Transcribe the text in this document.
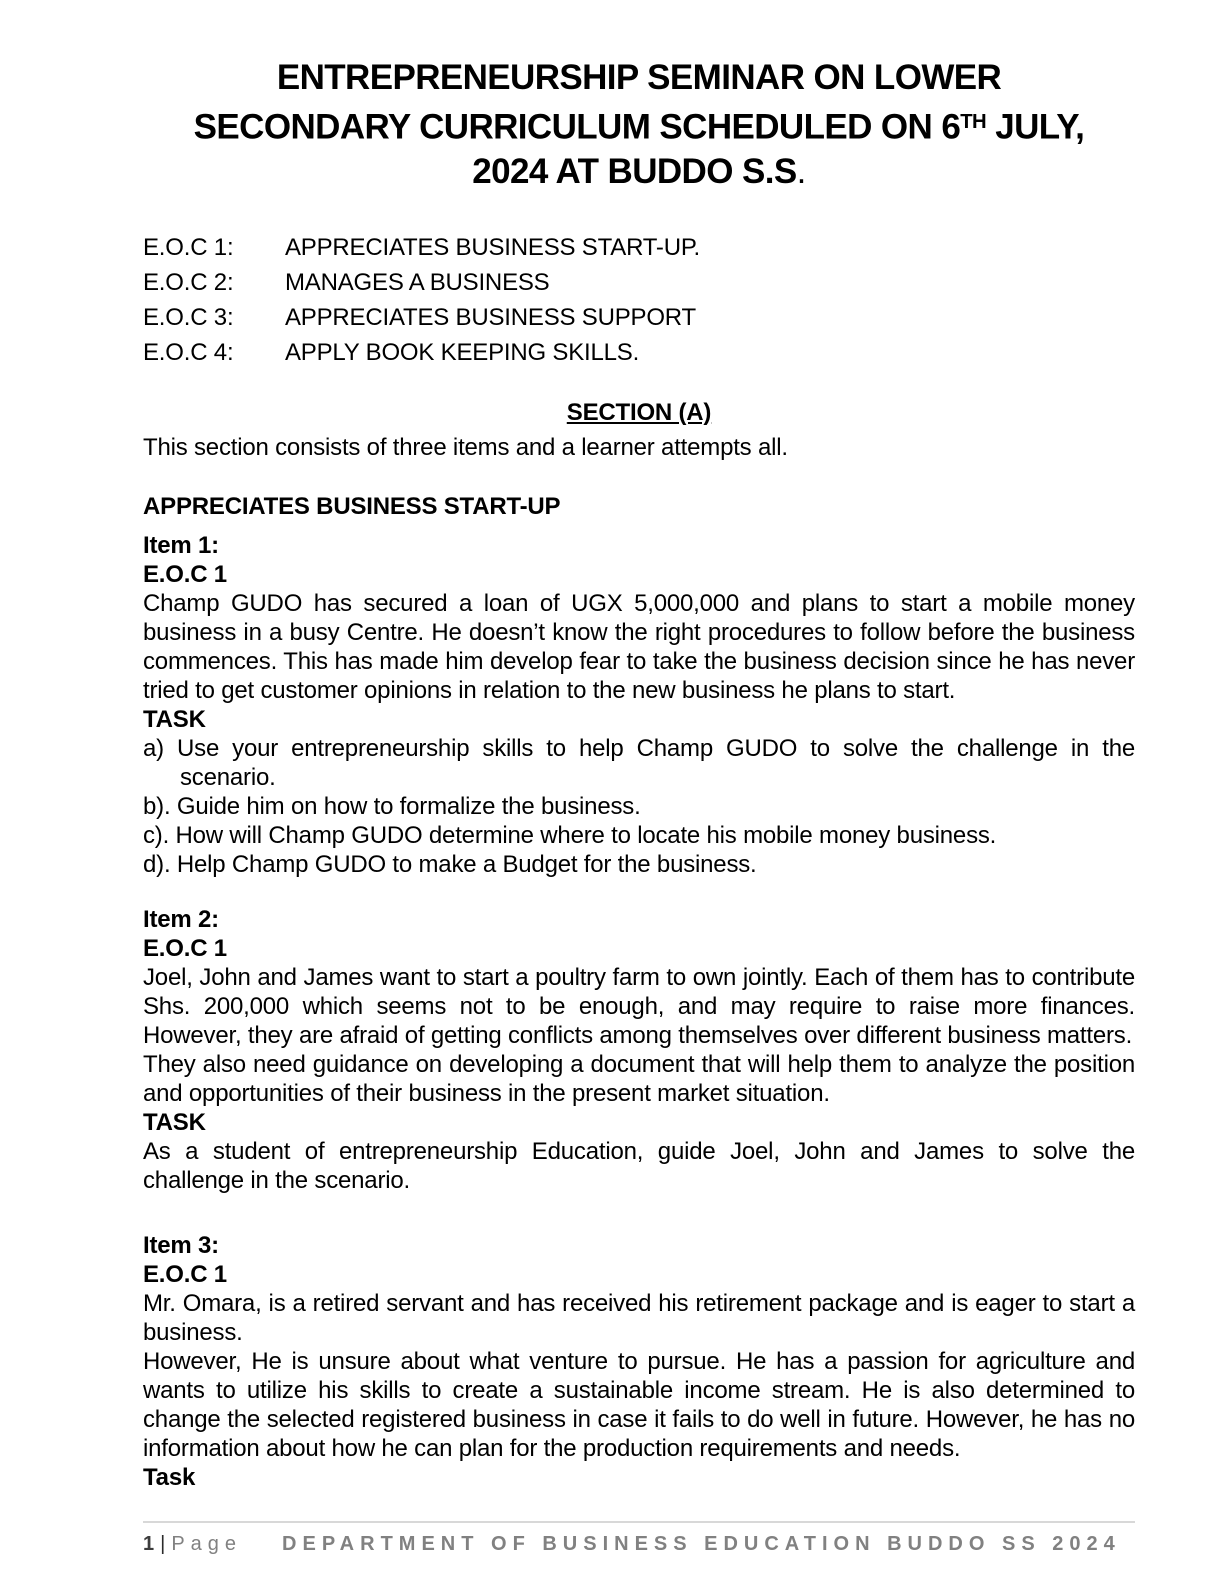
ENTREPRENEURSHIP SEMINAR ON LOWER
SECONDARY CURRICULUM SCHEDULED ON 6TH JULY,
2024 AT BUDDO S.S.
E.O.C 1:	APPRECIATES BUSINESS START-UP.
E.O.C 2:	MANAGES A BUSINESS
E.O.C 3:	APPRECIATES BUSINESS SUPPORT
E.O.C 4:	APPLY BOOK KEEPING SKILLS.
SECTION (A)
This section consists of three items and a learner attempts all.
APPRECIATES BUSINESS START-UP
Item 1:
E.O.C 1

Champ GUDO has secured a loan of UGX 5,000,000 and plans to start a mobile money business in a busy Centre. He doesn’t know the right procedures to follow before the business commences. This has made him develop fear to take the business decision since he has never tried to get customer opinions in relation to the new business he plans to start.

TASK
a) Use your entrepreneurship skills to help Champ GUDO to solve the challenge in the scenario.
b). Guide him on how to formalize the business.
c). How will Champ GUDO determine where to locate his mobile money business.
d). Help Champ GUDO to make a Budget for the business.
Item 2:
E.O.C 1

Joel, John and James want to start a poultry farm to own jointly. Each of them has to contribute Shs. 200,000 which seems not to be enough, and may require to raise more finances. However, they are afraid of getting conflicts among themselves over different business matters.

They also need guidance on developing a document that will help them to analyze the position and opportunities of their business in the present market situation.

TASK

As a student of entrepreneurship Education, guide Joel, John and James to solve the challenge in the scenario.

Item 3:
E.O.C 1

Mr. Omara, is a retired servant and has received his retirement package and is eager to start a business.

However, He is unsure about what venture to pursue. He has a passion for agriculture and wants to utilize his skills to create a sustainable income stream. He is also determined to change the selected registered business in case it fails to do well in future. However, he has no information about how he can plan for the production requirements and needs.

Task
1|Page DEPARTMENT OF BUSINESS EDUCATION BUDDO SS 2024
